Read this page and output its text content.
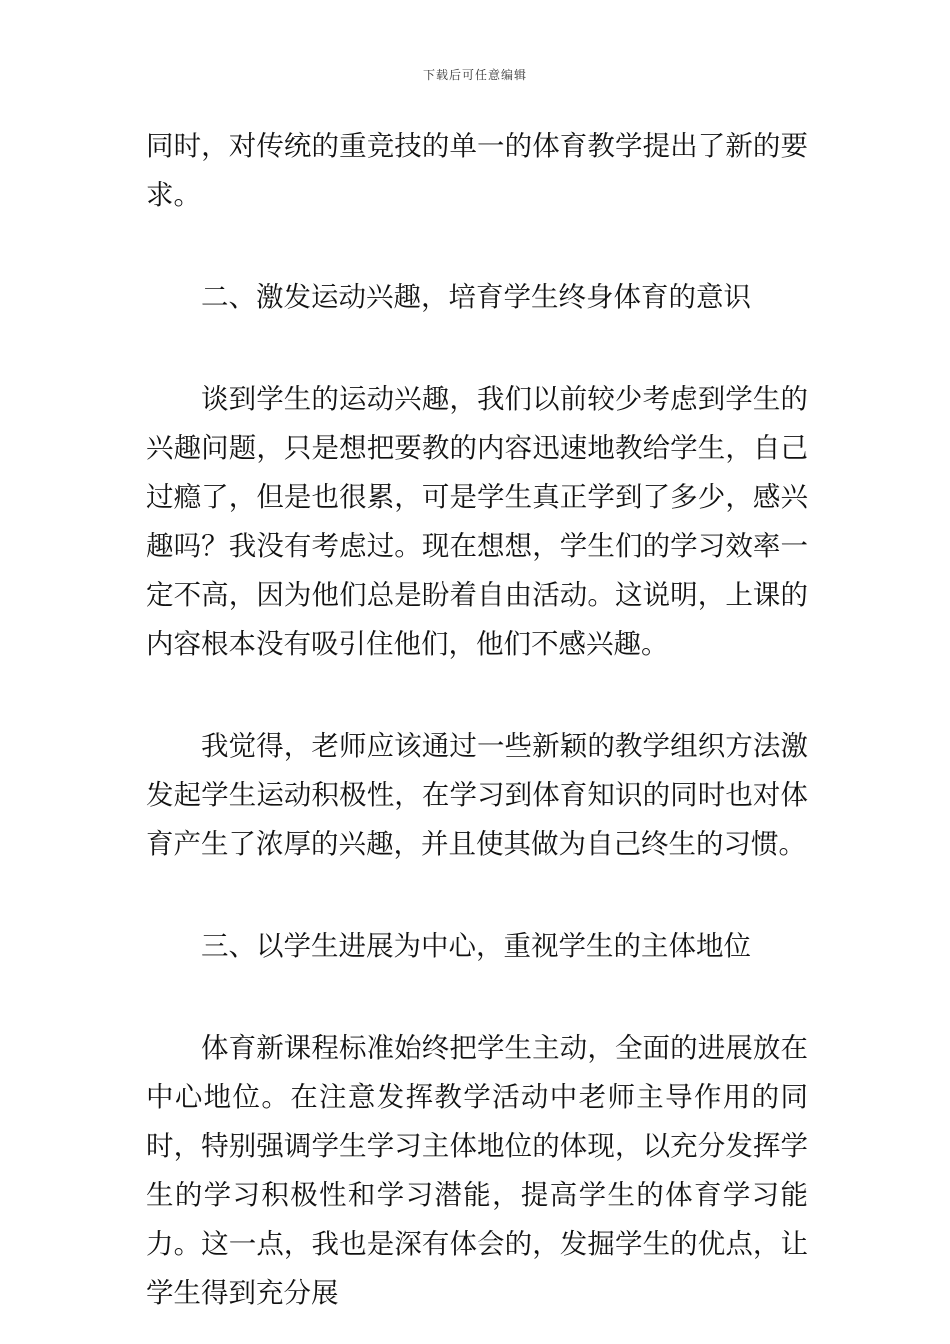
下载后可任意编辑

同时，对传统的重竞技的单一的体育教学提出了新的要求。

二、激发运动兴趣，培育学生终身体育的意识

谈到学生的运动兴趣，我们以前较少考虑到学生的兴趣问题，只是想把要教的内容迅速地教给学生，自己过瘾了，但是也很累，可是学生真正学到了多少，感兴趣吗？我没有考虑过。现在想想，学生们的学习效率一定不高，因为他们总是盼着自由活动。这说明，上课的内容根本没有吸引住他们，他们不感兴趣。

我觉得，老师应该通过一些新颖的教学组织方法激发起学生运动积极性，在学习到体育知识的同时也对体育产生了浓厚的兴趣，并且使其做为自己终生的习惯。

三、以学生进展为中心，重视学生的主体地位

体育新课程标准始终把学生主动，全面的进展放在中心地位。在注意发挥教学活动中老师主导作用的同时，特别强调学生学习主体地位的体现，以充分发挥学生的学习积极性和学习潜能，提高学生的体育学习能力。这一点，我也是深有体会的，发掘学生的优点，让学生得到充分展
